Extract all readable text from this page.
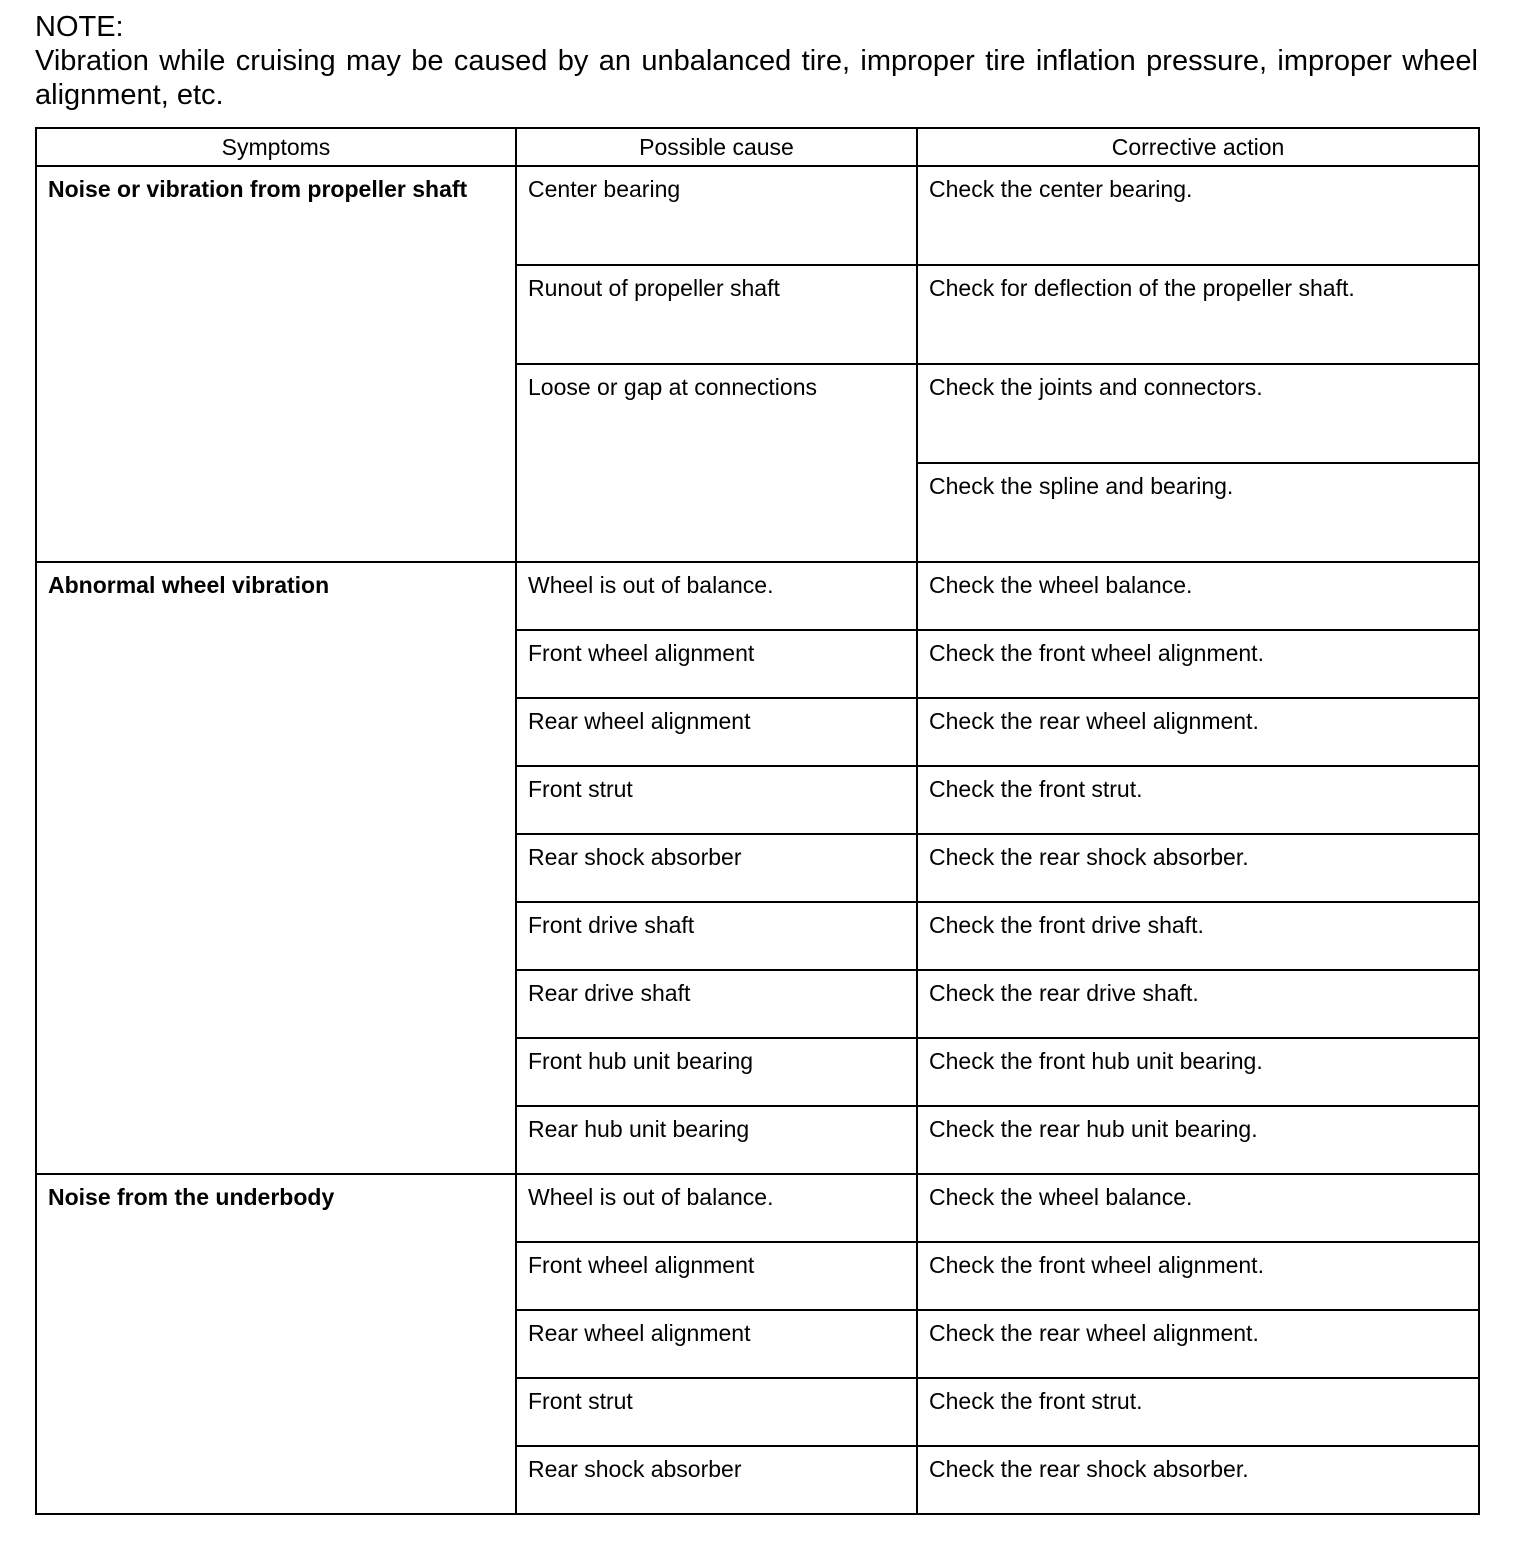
NOTE:
Vibration while cruising may be caused by an unbalanced tire, improper tire inflation pressure, improper wheel alignment, etc.
Symptoms	Possible cause	Corrective action
Noise or vibration from propeller shaft	Center bearing	Check the center bearing.
	Runout of propeller shaft	Check for deflection of the propeller shaft.
	Loose or gap at connections	Check the joints and connectors.
		Check the spline and bearing.
Abnormal wheel vibration	Wheel is out of balance.	Check the wheel balance.
	Front wheel alignment	Check the front wheel alignment.
	Rear wheel alignment	Check the rear wheel alignment.
	Front strut	Check the front strut.
	Rear shock absorber	Check the rear shock absorber.
	Front drive shaft	Check the front drive shaft.
	Rear drive shaft	Check the rear drive shaft.
	Front hub unit bearing	Check the front hub unit bearing.
	Rear hub unit bearing	Check the rear hub unit bearing.
Noise from the underbody	Wheel is out of balance.	Check the wheel balance.
	Front wheel alignment	Check the front wheel alignment.
	Rear wheel alignment	Check the rear wheel alignment.
	Front strut	Check the front strut.
	Rear shock absorber	Check the rear shock absorber.
